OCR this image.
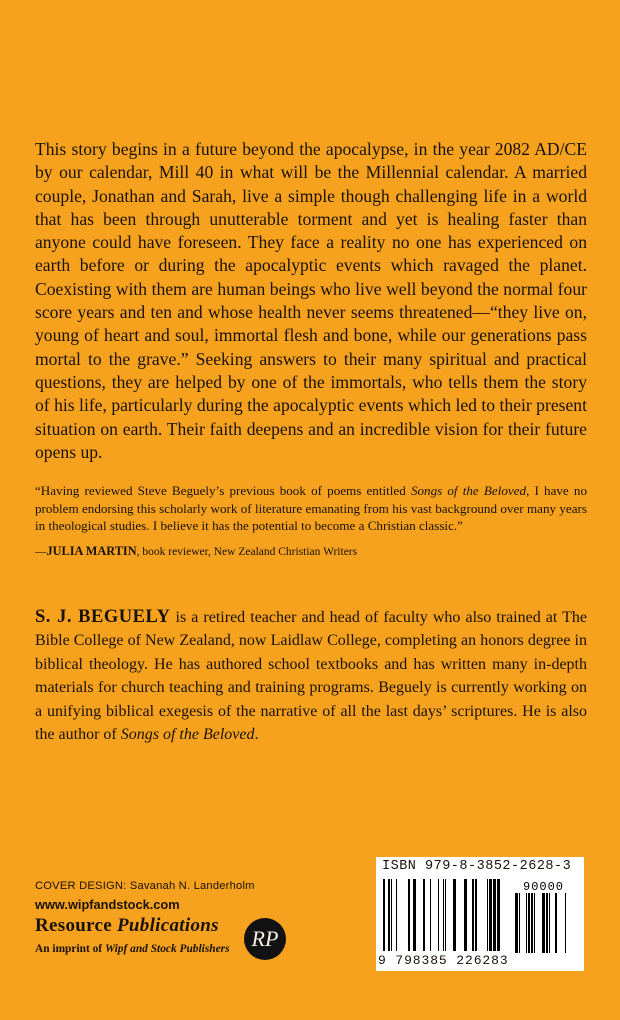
This story begins in a future beyond the apocalypse, in the year 2082 AD/CE by our calendar, Mill 40 in what will be the Millennial calendar. A married couple, Jonathan and Sarah, live a simple though challenging life in a world that has been through unutterable torment and yet is healing faster than anyone could have foreseen. They face a reality no one has experienced on earth before or during the apocalyptic events which ravaged the planet. Coexisting with them are human beings who live well beyond the normal four score years and ten and whose health never seems threatened—“they live on, young of heart and soul, immortal flesh and bone, while our generations pass mortal to the grave.” Seeking answers to their many spiritual and practical questions, they are helped by one of the immortals, who tells them the story of his life, particularly during the apocalyptic events which led to their present situation on earth. Their faith deepens and an incredible vision for their future opens up.

“Having reviewed Steve Beguely’s previous book of poems entitled Songs of the Beloved, I have no problem endorsing this scholarly work of literature emanating from his vast background over many years in theological studies. I believe it has the potential to become a Christian classic.”

—JULIA MARTIN, book reviewer, New Zealand Christian Writers

S. J. BEGUELY is a retired teacher and head of faculty who also trained at The Bible College of New Zealand, now Laidlaw College, completing an honors degree in biblical theology. He has authored school textbooks and has written many in-depth materials for church teaching and training programs. Beguely is currently working on a unifying biblical exegesis of the narrative of all the last days’ scriptures. He is also the author of Songs of the Beloved.

COVER DESIGN: Savanah N. Landerholm
www.wipfandstock.com
Resource Publications
An imprint of Wipf and Stock Publishers	RP
ISBN 979-8-3852-2628-3
90000
9 798385 226283
